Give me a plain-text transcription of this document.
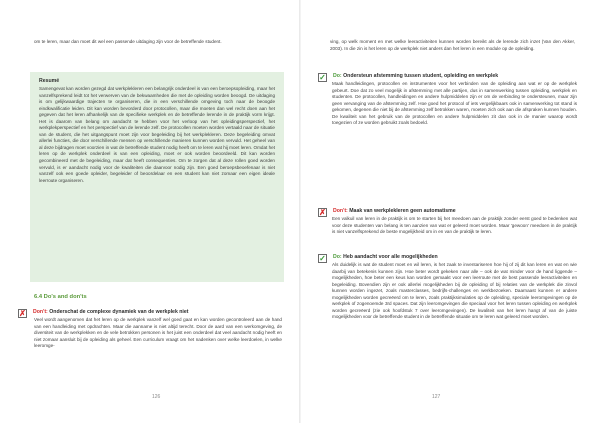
om te leren, maar dan moet dit wel een passende uitdaging zijn voor de betreffende student.

Resumé

Samengevat kan worden gezegd dat werkplekleren een belangrijk onderdeel is van een beroepsopleiding, maar het vanzelfsprekend leidt tot het verwerven van de bekwaamheden die met de opleiding worden beoogd. De uitdaging is om gelijkwaardige trajecten te organiseren, die in een verschillende omgeving toch naar de beoogde eindkwalificatie leiden. Dit kan worden bevorderd door protocollen, maar die moeten dan wel recht doen aan het gegeven dat het leren afhankelijk van de specifieke werkplek en de betreffende lerende in de praktijk vorm krijgt. Het is daarom van belang om aandacht te hebben voor het verloop van het opleidingsperspectief, het werkplekperspectief en het perspectief van de lerende zelf. De protocollen moeten worden vertaald naar de situatie van de student, die het uitgangspunt moet zijn voor begeleiding bij het werkplekleren. Deze begeleiding omvat allerlei functies, die door verschillende mensen op verschillende manieren kunnen worden vervuld. Het geheel van al deze bijdragen moet voorzien in wat de betreffende student nodig heeft om te leren wat hij moet leren. Omdat het leren op de werkplek onderdeel is van een opleiding, moet er ook worden beoordeeld. Dit kan worden gecombineerd met de begeleiding, maar dat heeft consequenties. Om te zorgen dat al deze rollen goed worden vervuld, is er aandacht nodig voor de kwaliteiten die daarvoor nodig zijn. Een goed beroepsbeoefenaar is niet vanzelf ook een goede opleider, begeleider of beoordelaar en een student kan niet zomaar een eigen ideale leerroute organiseren.

6.4 Do's and don'ts
✗ Don't: Onderschat de complexe dynamiek van de werkplek niet

Veel wordt aangenomen dat het leren op de werkplek vanzelf wel goed gaat en kan worden gecontroleerd aan de hand van een handleiding met opdrachten. Maar die aanname is niet altijd terecht. Door de aard van een werkomgeving, de diversiteit van de werkplekken en de vele betrokken personen is het juist een onderdeel dat veel aandacht nodig heeft en niet zomaar aansluit bij de opleiding als geheel. Een curriculum vraagt om het nadenken over welke leerdoelen, in welke leeromge-

126

ving, op welk moment en met welke leeractiviteiten kunnen worden bereikt als de lerende zich inzet (Van den Akker, 2003). In die zin is het leren op de werkplek niet anders dan het leren in een module op de opleiding.

✓ Do: Ondersteun afstemming tussen student, opleiding en werkplek

Maak handleidingen, protocollen en instrumenten voor het verbinden van de opleiding aan wat er op de werkplek gebeurt. Doe dat zo veel mogelijk in afstemming met alle partijen, dus in samenwerking tussen opleiding, werkplek en studenten. De protocollen, handleidingen en andere hulpmiddelen zijn er om de verbinding te ondersteunen, maar zijn geen vervanging van de afstemming zelf. Hoe goed het protocol of iets vergelijkbaars ook in samenwerking tot stand is gekomen, degenen die niet bij de afstemming zelf betrokken waren, moeten zich ook aan die afspraken kunnen houden. De kwaliteit van het gebruik van de protocollen en andere hulpmiddelen zit dan ook in de manier waarop wordt toegezien of ze worden gebruikt zoals bedoeld.

✗ Don't: Maak van werkplekleren geen automatisme

Een valkuil van leren in de praktijk is om te starten bij het meedoen aan de praktijk zonder eerst goed te bedenken wat voor deze studenten van belang is ten aanzien van wat er geleerd moet worden. Maar 'gewoon' meedoen in de praktijk is niet vanzelfsprekend de beste mogelijkheid om in en van de praktijk te leren.

✓ Do: Heb aandacht voor alle mogelijkheden

Als duidelijk is wat de student moet en wil leren, is het zaak te inventariseren hoe hij of zij dit kan leren en wat en wie daarbij van betekenis kunnen zijn. Hoe beter wordt gekeken naar alle – ook de wat minder voor de hand liggende – mogelijkheden, hoe beter een keus kan worden gemaakt voor een leerroute met de best passende leeractiviteiten en begeleiding. Bovendien zijn er ook allerlei mogelijkheden bij de opleiding of bij relaties van de werkplek die zinvol kunnen worden ingezet, zoals masterclasses, bedrijfs-challenges en werkbezoeken. Daarnaast kunnen er andere mogelijkheden worden gecreëerd om te leren, zoals praktijksimulaties op de opleiding, speciale leeromgevingen op de werkplek of zogenoemde 3rd spaces. Dat zijn leeromgevingen die speciaal voor het leren tussen opleiding en werkplek worden gecreëerd (zie ook hoofdstuk 7 over leeromgevingen). De kwaliteit van het leren hangt af van de juiste mogelijkheden voor de betreffende student in de betreffende situatie om te leren wat geleerd moet worden.

127
